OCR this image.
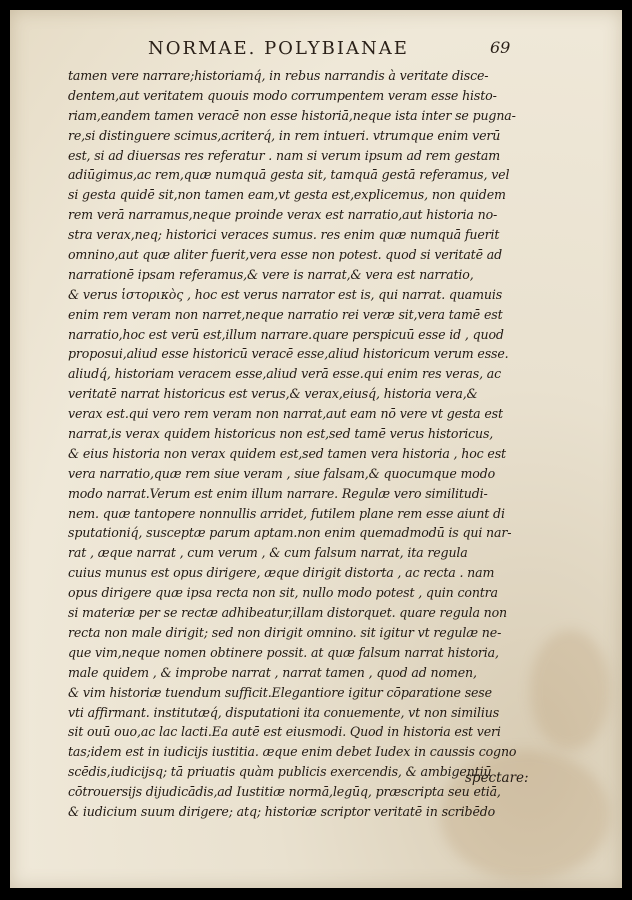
NORMAE. POLYBIANAE	69
tamen vere narrare;historiamq́, in rebus narrandis à veritate disce-
dentem,aut veritatem quouis modo corrumpentem veram esse histo-
riam,eandem tamen veracē non esse historiā,neque ista inter se pugna-
re,si distinguere scimus,acriterq́, in rem intueri. vtrumque enim verū
est, si ad diuersas res referatur . nam si verum ipsum ad rem gestam
adiūgimus,ac rem,quæ numquā gesta sit, tamquā gestā referamus, vel
si gesta quidē sit,non tamen eam,vt gesta est,explicemus, non quidem
rem verā narramus,neque proinde verax est narratio,aut historia no-
stra verax,neq; historici veraces sumus. res enim quæ numquā fuerit
omnino,aut quæ aliter fuerit,vera esse non potest. quod si veritatē ad
narrationē ipsam referamus,& vere is narrat,& vera est narratio,
& verus ἱστορικὸς , hoc est verus narrator est is, qui narrat. quamuis
enim rem veram non narret,neque narratio rei veræ sit,vera tamē est
narratio,hoc est verū est,illum narrare.quare perspicuū esse id , quod
proposui,aliud esse historicū veracē esse,aliud historicum verum esse.
aliudq́, historiam veracem esse,aliud verā esse.qui enim res veras, ac
veritatē narrat historicus est verus,& verax,eiusq́, historia vera,&
verax est.qui vero rem veram non narrat,aut eam nō vere vt gesta est
narrat,is verax quidem historicus non est,sed tamē verus historicus,
& eius historia non verax quidem est,sed tamen vera historia , hoc est
vera narratio,quæ rem siue veram , siue falsam,& quocumque modo
modo narrat.Verum est enim illum narrare. Regulæ vero similitudi-
nem. quæ tantopere nonnullis arridet, futilem plane rem esse aiunt di
sputationiq́, susceptæ parum aptam.non enim quemadmodū is qui nar-
rat , æque narrat , cum verum , & cum falsum narrat, ita regula
cuius munus est opus dirigere, æque dirigit distorta , ac recta . nam
opus dirigere quæ ipsa recta non sit, nullo modo potest , quin contra
si materiæ per se rectæ adhibeatur,illam distorquet. quare regula non
recta non male dirigit; sed non dirigit omnino. sit igitur vt regulæ ne-
que vim,neque nomen obtinere possit. at quæ falsum narrat historia,
male quidem , & improbe narrat , narrat tamen , quod ad nomen,
& vim historiæ tuendum sufficit.Elegantiore igitur cōparatione sese
vti affirmant. institutæq́, disputationi ita conuemente, vt non similius
sit ouū ouo,ac lac lacti.Ea autē est eiusmodi. Quod in historia est veri
tas;idem est in iudicijs iustitia. æque enim debet Iudex in caussis cogno
scēdis,iudicijsq; tā priuatis quàm publicis exercendis, & ambigentiū
cōtrouersijs dijudicādis,ad Iustitiæ normā,legūq, præscripta seu etiā,
& iudicium suum dirigere; atq; historiæ scriptor veritatē in scribēdo
spectare:
